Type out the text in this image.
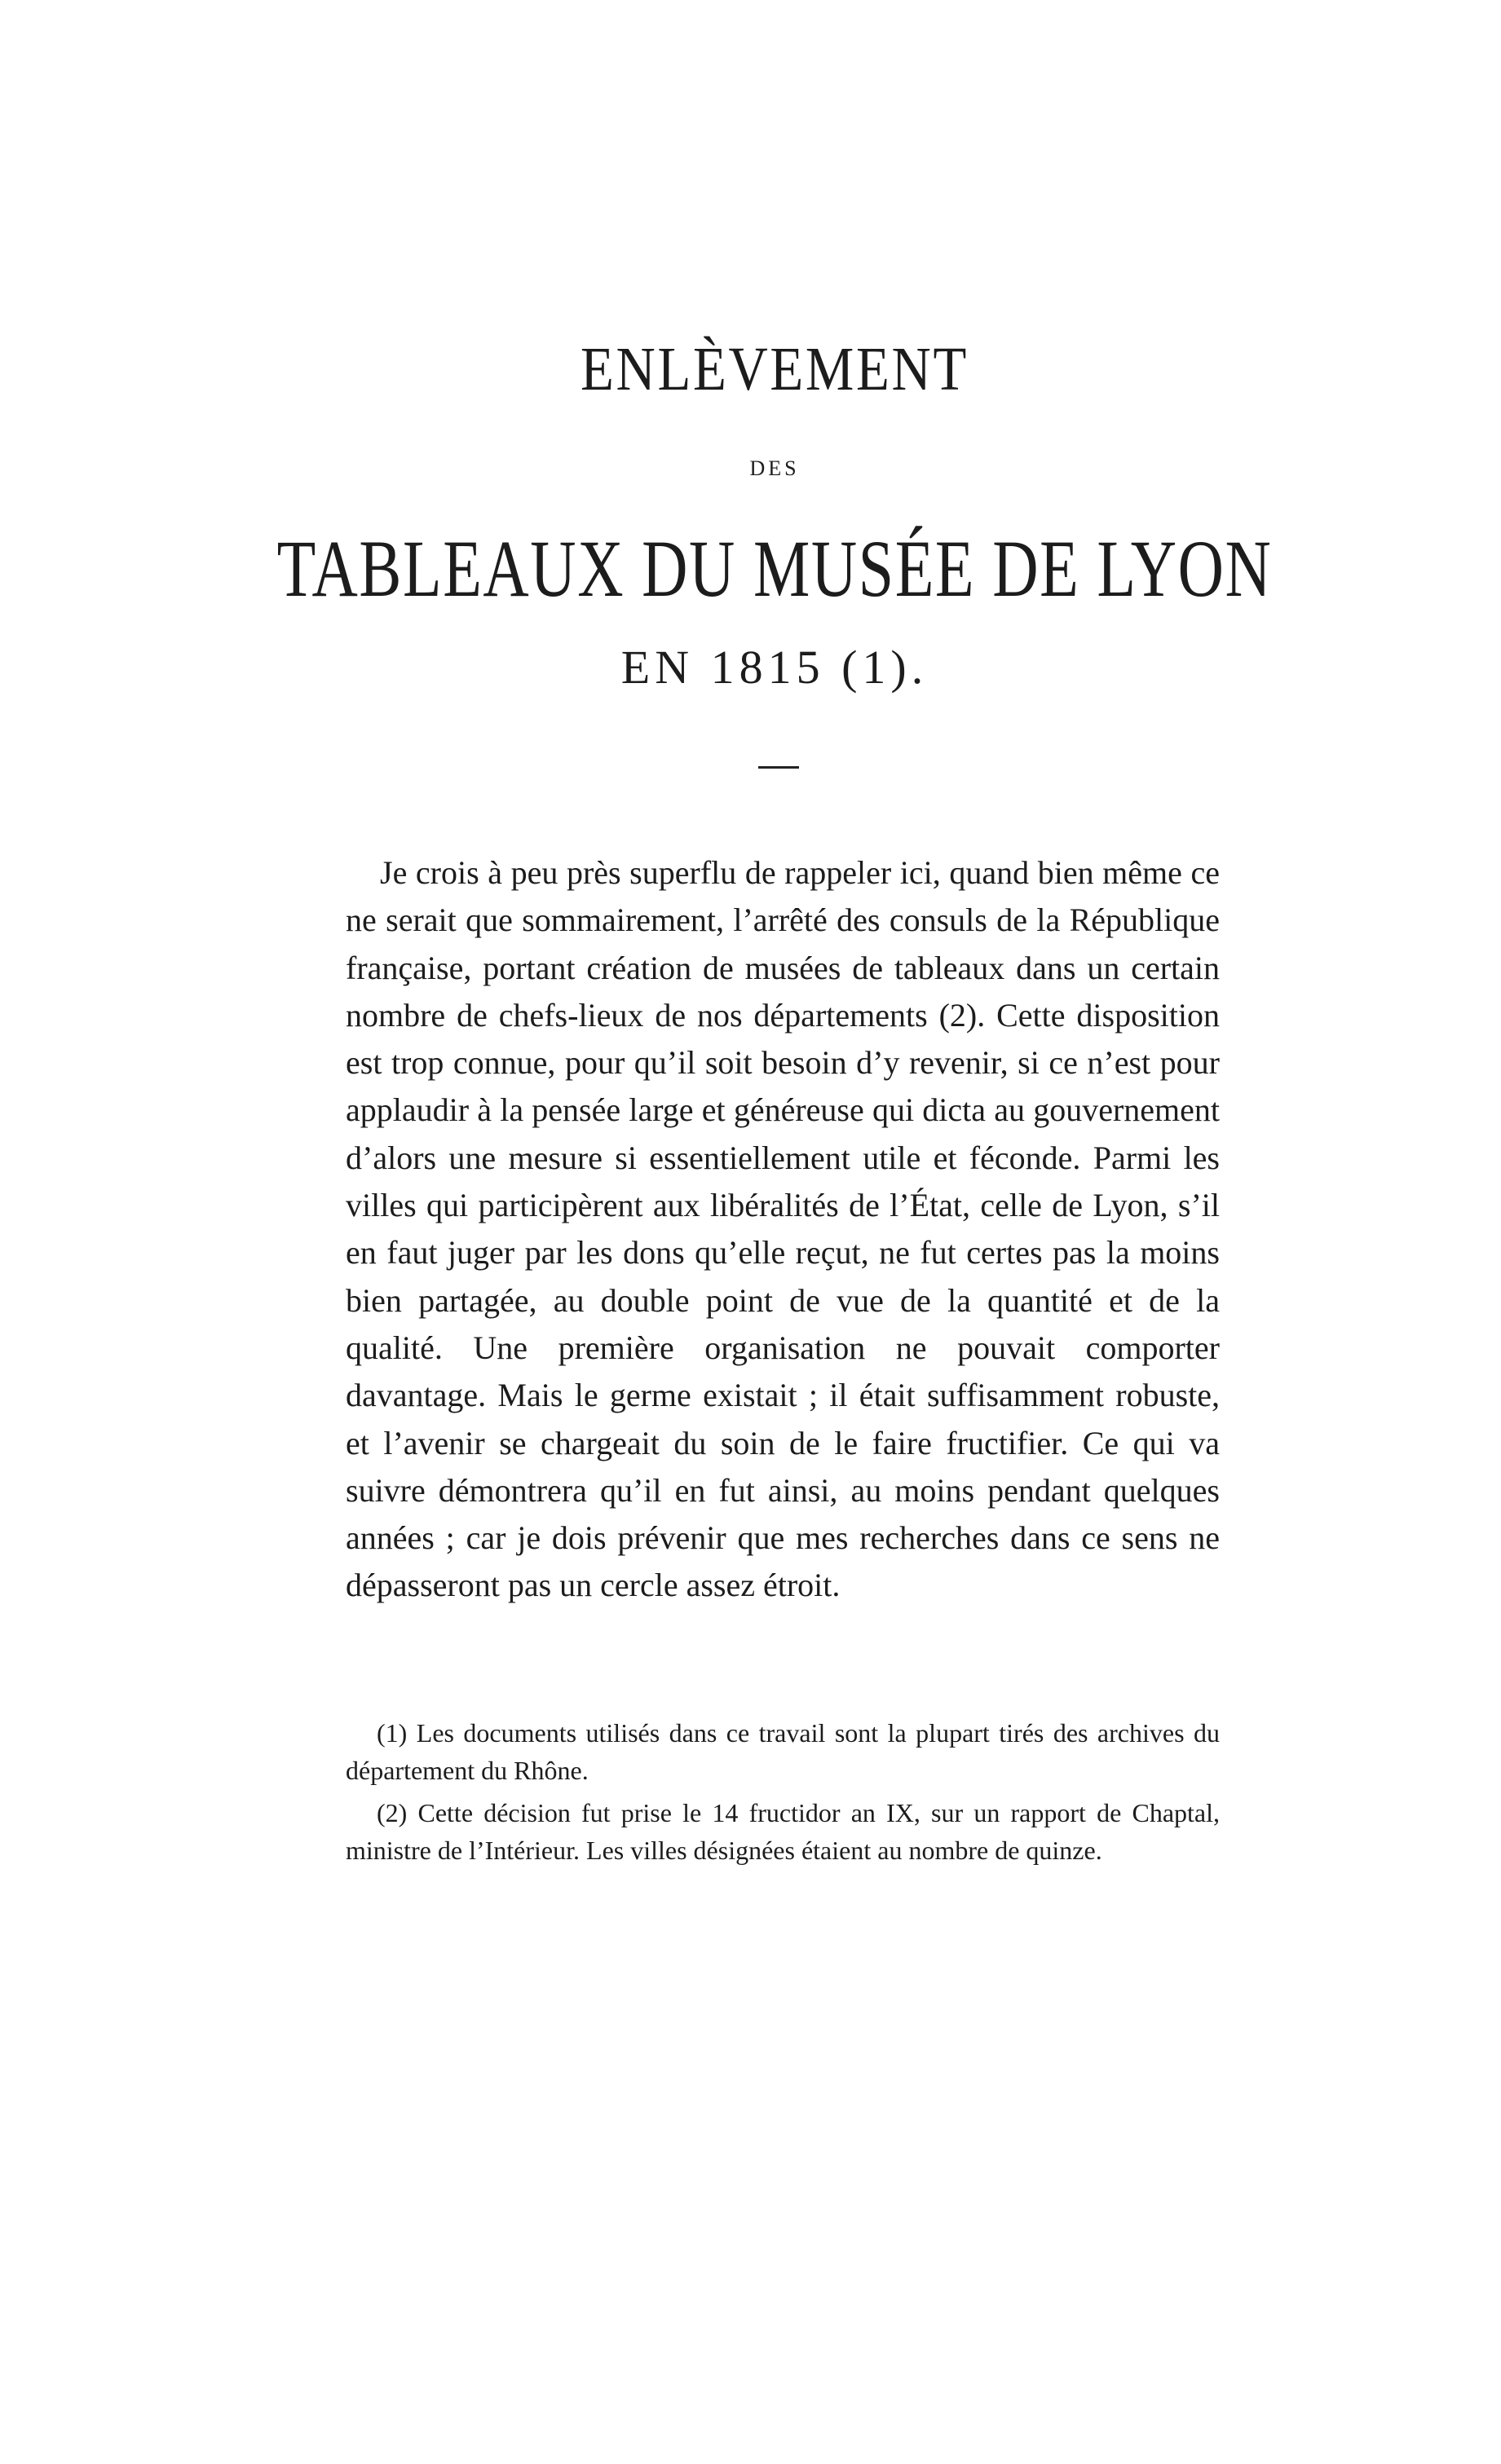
ENLÈVEMENT
DES
TABLEAUX DU MUSÉE DE LYON
EN 1815 (1).

Je crois à peu près superflu de rappeler ici, quand bien même ce ne serait que sommairement, l’arrêté des consuls de la République française, portant création de musées de tableaux dans un certain nombre de chefs-lieux de nos départements (2). Cette disposition est trop connue, pour qu’il soit besoin d’y revenir, si ce n’est pour applaudir à la pensée large et généreuse qui dicta au gouvernement d’alors une mesure si essentiellement utile et féconde. Parmi les villes qui participèrent aux libéralités de l’État, celle de Lyon, s’il en faut juger par les dons qu’elle reçut, ne fut certes pas la moins bien partagée, au double point de vue de la quantité et de la qualité. Une première organisation ne pouvait comporter davantage. Mais le germe existait ; il était suffisamment robuste, et l’avenir se chargeait du soin de le faire fructifier. Ce qui va suivre démontrera qu’il en fut ainsi, au moins pendant quelques années ; car je dois prévenir que mes recherches dans ce sens ne dépasseront pas un cercle assez étroit.

(1) Les documents utilisés dans ce travail sont la plupart tirés des archives du département du Rhône.

(2) Cette décision fut prise le 14 fructidor an IX, sur un rapport de Chaptal, ministre de l’Intérieur. Les villes désignées étaient au nombre de quinze.
